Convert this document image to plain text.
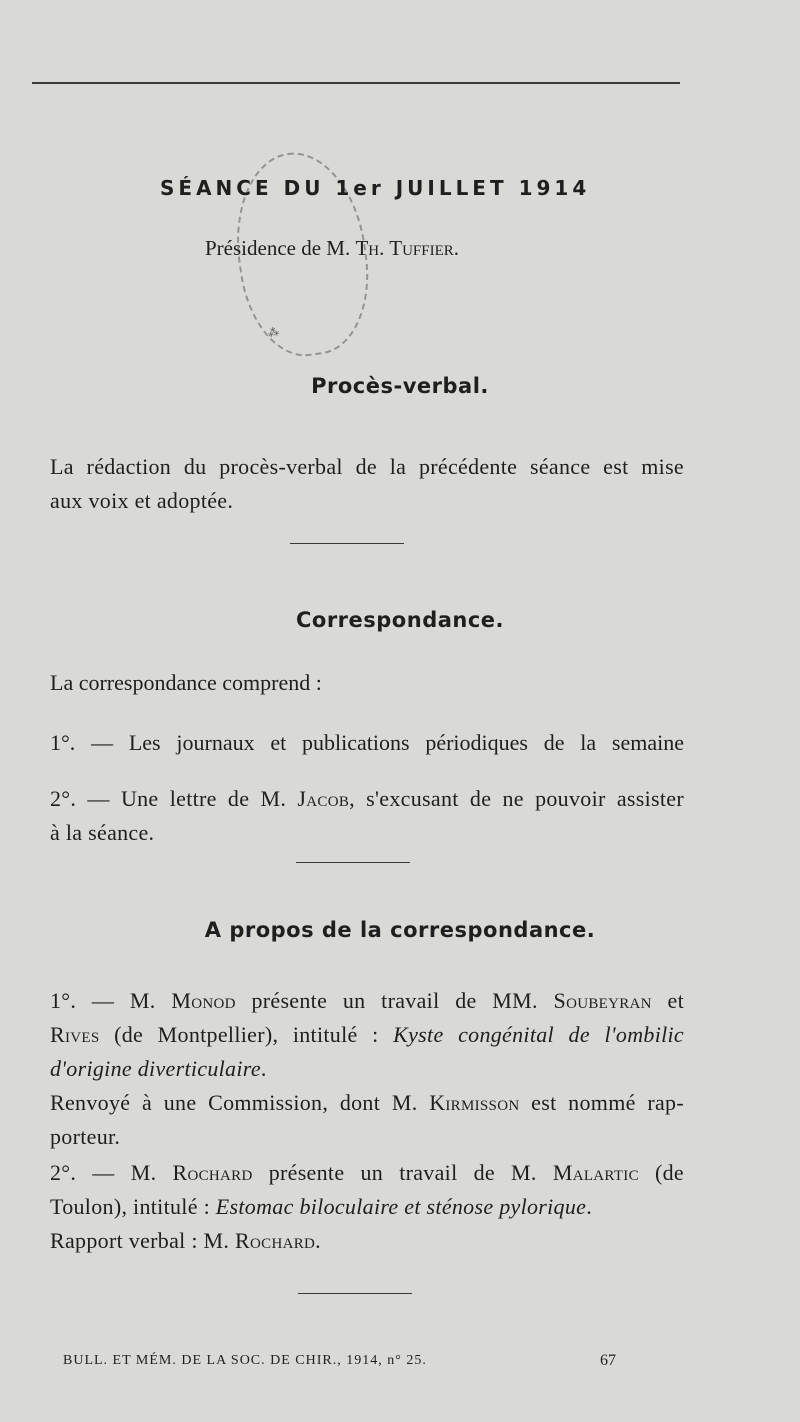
⁂
SÉANCE DU 1er JUILLET 1914
Présidence de M. Th. Tuffier.
Procès-verbal.
La rédaction du procès-verbal de la précédente séance est mise
aux voix et adoptée.
Correspondance.
La correspondance comprend :
1°. — Les journaux et publications périodiques de la semaine
2°. — Une lettre de M. Jacob, s'excusant de ne pouvoir assister
à la séance.
A propos de la correspondance.
1°. — M. Monod présente un travail de MM. Soubeyran et
Rives (de Montpellier), intitulé : Kyste congénital de l'ombilic
d'origine diverticulaire.
Renvoyé à une Commission, dont M. Kirmisson est nommé rap-
porteur.
2°. — M. Rochard présente un travail de M. Malartic (de
Toulon), intitulé : Estomac biloculaire et sténose pylorique.
Rapport verbal : M. Rochard.
BULL. ET MÉM. DE LA SOC. DE CHIR., 1914, n° 25.	67
